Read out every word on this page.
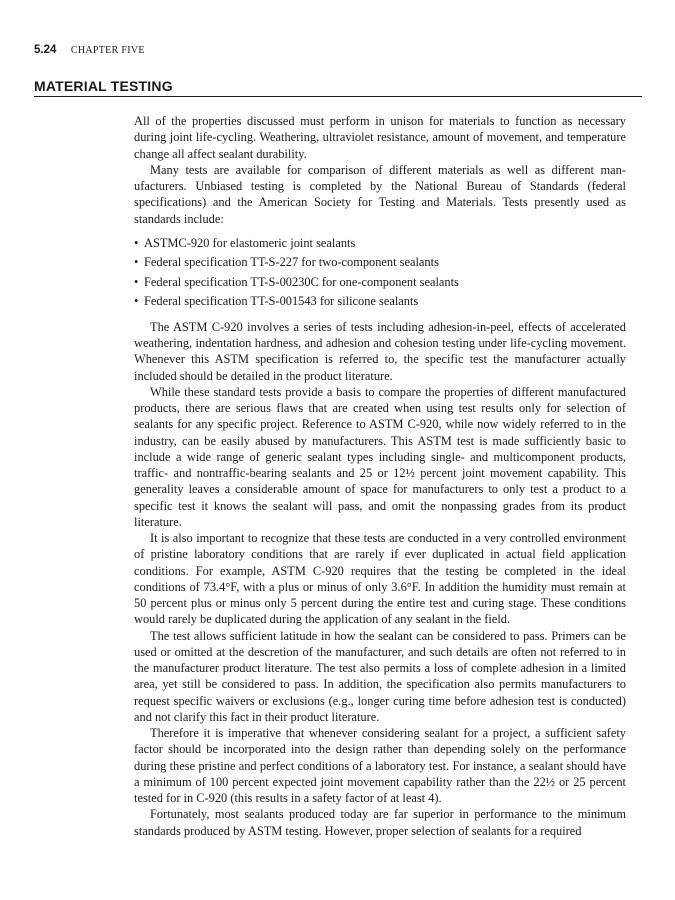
5.24 CHAPTER FIVE
MATERIAL TESTING

All of the properties discussed must perform in unison for materials to function as necessary during joint life-cycling. Weathering, ultraviolet resistance, amount of movement, and temperature change all affect sealant durability.

Many tests are available for comparison of different materials as well as different manufacturers. Unbiased testing is completed by the National Bureau of Standards (federal specifications) and the American Society for Testing and Materials. Tests presently used as standards include:

• ASTMC-920 for elastomeric joint sealants
• Federal specification TT-S-227 for two-component sealants
• Federal specification TT-S-00230C for one-component sealants
• Federal specification TT-S-001543 for silicone sealants

The ASTM C-920 involves a series of tests including adhesion-in-peel, effects of accelerated weathering, indentation hardness, and adhesion and cohesion testing under life-cycling movement. Whenever this ASTM specification is referred to, the specific test the manufacturer actually included should be detailed in the product literature.

While these standard tests provide a basis to compare the properties of different manufactured products, there are serious flaws that are created when using test results only for selection of sealants for any specific project. Reference to ASTM C-920, while now widely referred to in the industry, can be easily abused by manufacturers. This ASTM test is made sufficiently basic to include a wide range of generic sealant types including single- and multicomponent products, traffic- and nontraffic-bearing sealants and 25 or 12½ percent joint movement capability. This generality leaves a considerable amount of space for manufacturers to only test a product to a specific test it knows the sealant will pass, and omit the nonpassing grades from its product literature.

It is also important to recognize that these tests are conducted in a very controlled environment of pristine laboratory conditions that are rarely if ever duplicated in actual field application conditions. For example, ASTM C-920 requires that the testing be completed in the ideal conditions of 73.4°F, with a plus or minus of only 3.6°F. In addition the humidity must remain at 50 percent plus or minus only 5 percent during the entire test and curing stage. These conditions would rarely be duplicated during the application of any sealant in the field.

The test allows sufficient latitude in how the sealant can be considered to pass. Primers can be used or omitted at the descretion of the manufacturer, and such details are often not referred to in the manufacturer product literature. The test also permits a loss of complete adhesion in a limited area, yet still be considered to pass. In addition, the specification also permits manufacturers to request specific waivers or exclusions (e.g., longer curing time before adhesion test is conducted) and not clarify this fact in their product literature.

Therefore it is imperative that whenever considering sealant for a project, a sufficient safety factor should be incorporated into the design rather than depending solely on the performance during these pristine and perfect conditions of a laboratory test. For instance, a sealant should have a minimum of 100 percent expected joint movement capability rather than the 22½ or 25 percent tested for in C-920 (this results in a safety factor of at least 4).

Fortunately, most sealants produced today are far superior in performance to the minimum standards produced by ASTM testing. However, proper selection of sealants for a required
